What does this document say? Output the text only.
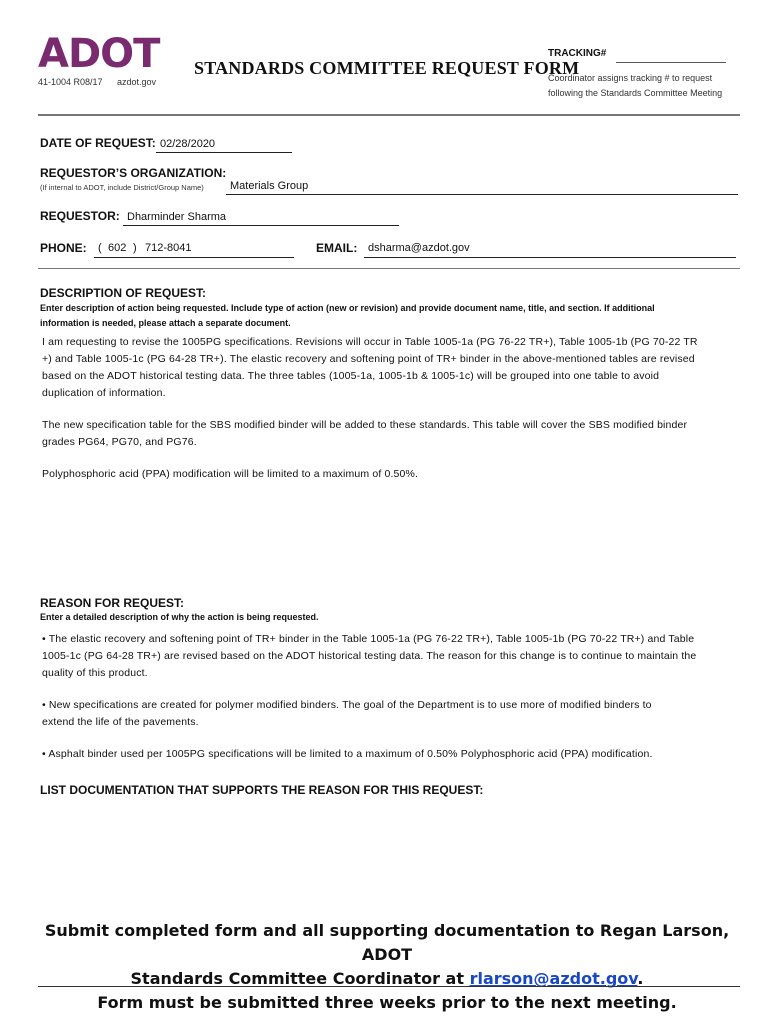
ADOT
41-1004 R08/17 azdot.gov
STANDARDS COMMITTEE REQUEST FORM
TRACKING#
Coordinator assigns tracking # to request
following the Standards Committee Meeting
DATE OF REQUEST: 02/28/2020
REQUESTOR’S ORGANIZATION:
(If internal to ADOT, include District/Group Name) Materials Group
REQUESTOR: Dharminder Sharma
PHONE: ( 602 ) 712-8041	EMAIL: dsharma@azdot.gov
DESCRIPTION OF REQUEST:
Enter description of action being requested. Include type of action (new or revision) and provide document name, title, and section. If additional
information is needed, please attach a separate document.

I am requesting to revise the 1005PG specifications. Revisions will occur in Table 1005-1a (PG 76-22 TR+), Table 1005-1b (PG 70-22 TR

+) and Table 1005-1c (PG 64-28 TR+). The elastic recovery and softening point of TR+ binder in the above-mentioned tables are revised

based on the ADOT historical testing data. The three tables (1005-1a, 1005-1b & 1005-1c) will be grouped into one table to avoid

duplication of information.

The new specification table for the SBS modified binder will be added to these standards. This table will cover the SBS modified binder

grades PG64, PG70, and PG76.

Polyphosphoric acid (PPA) modification will be limited to a maximum of 0.50%.

REASON FOR REQUEST:
Enter a detailed description of why the action is being requested.

• The elastic recovery and softening point of TR+ binder in the Table 1005-1a (PG 76-22 TR+), Table 1005-1b (PG 70-22 TR+) and Table

1005-1c (PG 64-28 TR+) are revised based on the ADOT historical testing data. The reason for this change is to continue to maintain the

quality of this product.

• New specifications are created for polymer modified binders. The goal of the Department is to use more of modified binders to

extend the life of the pavements.

• Asphalt binder used per 1005PG specifications will be limited to a maximum of 0.50% Polyphosphoric acid (PPA) modification.

LIST DOCUMENTATION THAT SUPPORTS THE REASON FOR THIS REQUEST:
Submit completed form and all supporting documentation to Regan Larson, ADOT
Standards Committee Coordinator at rlarson@azdot.gov.
Form must be submitted three weeks prior to the next meeting.
